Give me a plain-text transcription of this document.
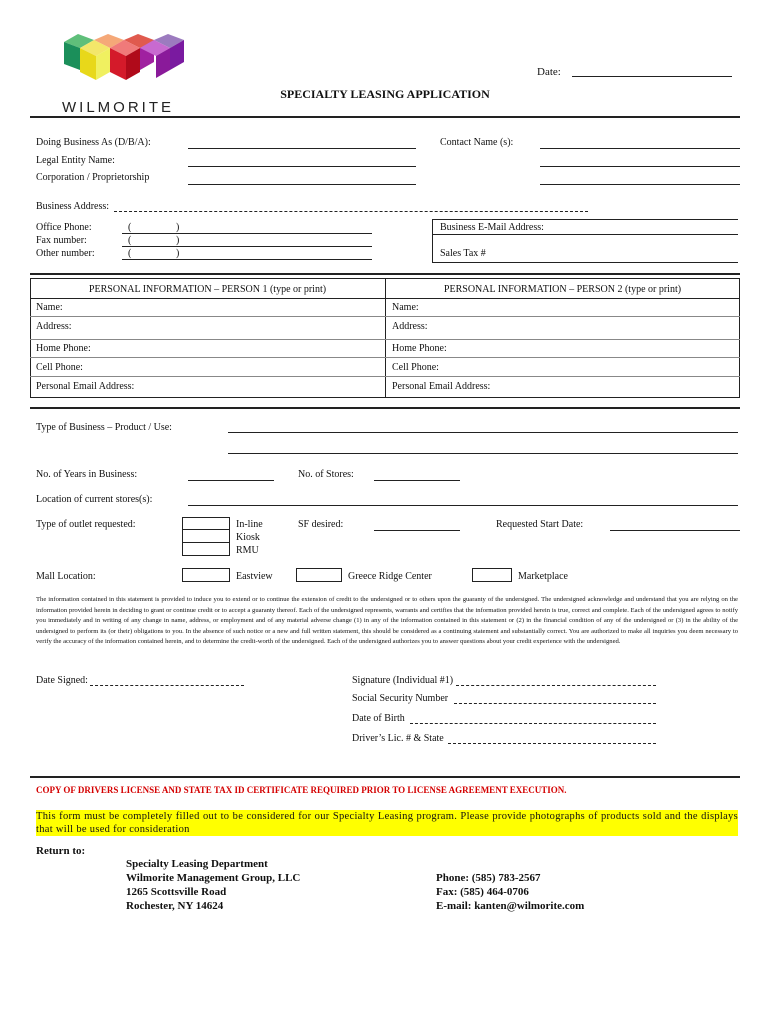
WILMORITE
Date:
SPECIALTY LEASING APPLICATION
Doing Business As (D/B/A):
Legal Entity Name:
Corporation / Proprietorship
Contact Name (s):
Business Address:
Office Phone:
Fax number:
Other number:
(	)
(	)
(	)
Business E-Mail Address:
Sales Tax #
PERSONAL INFORMATION – PERSON 1 (type or print)	PERSONAL INFORMATION – PERSON 2 (type or print)
Name:	Name:
Address:	Address:
Home Phone:	Home Phone:
Cell Phone:	Cell Phone:
Personal Email Address:	Personal Email Address:
Type of Business – Product / Use:
No. of Years in Business:	No. of Stores:
Location of current stores(s):
Type of outlet requested:	In-line
Kiosk
RMU
SF desired:	Requested Start Date:
Mall Location:	Eastview	Greece Ridge Center	Marketplace
The information contained in this statement is provided to induce you to extend or to continue the extension of credit to the undersigned or to others upon the guaranty of the undersigned. The undersigned acknowledge and understand that you are relying on the information provided herein in deciding to grant or continue credit or to accept a guaranty thereof. Each of the undersigned represents, warrants and certifies that the information provided herein is true, correct and complete. Each of the undersigned agrees to notify you immediately and in writing of any change in name, address, or employment and of any material adverse change (1) in any of the information contained in this statement or (2) in the financial condition of any of the undersigned or (3) in the ability of the undersigned to perform its (or their) obligations to you. In the absence of such notice or a new and full written statement, this should be considered as a continuing statement and substantially correct. You are authorized to make all inquiries you deem necessary to verify the accuracy of the information contained herein, and to determine the credit-worth of the undersigned. Each of the undersigned authorizes you to answer questions about your credit experience with the undersigned.
Date Signed:	Signature (Individual #1)
Social Security Number
Date of Birth
Driver’s Lic. # & State
COPY OF DRIVERS LICENSE AND STATE TAX ID CERTIFICATE REQUIRED PRIOR TO LICENSE AGREEMENT EXECUTION.
This form must be completely filled out to be considered for our Specialty Leasing program. Please provide photographs of products sold and the displays that will be used for consideration
Return to:
Specialty Leasing Department
Wilmorite Management Group, LLC
1265 Scottsville Road
Rochester, NY 14624
Phone: (585) 783-2567
Fax: (585) 464-0706
E-mail: kanten@wilmorite.com
